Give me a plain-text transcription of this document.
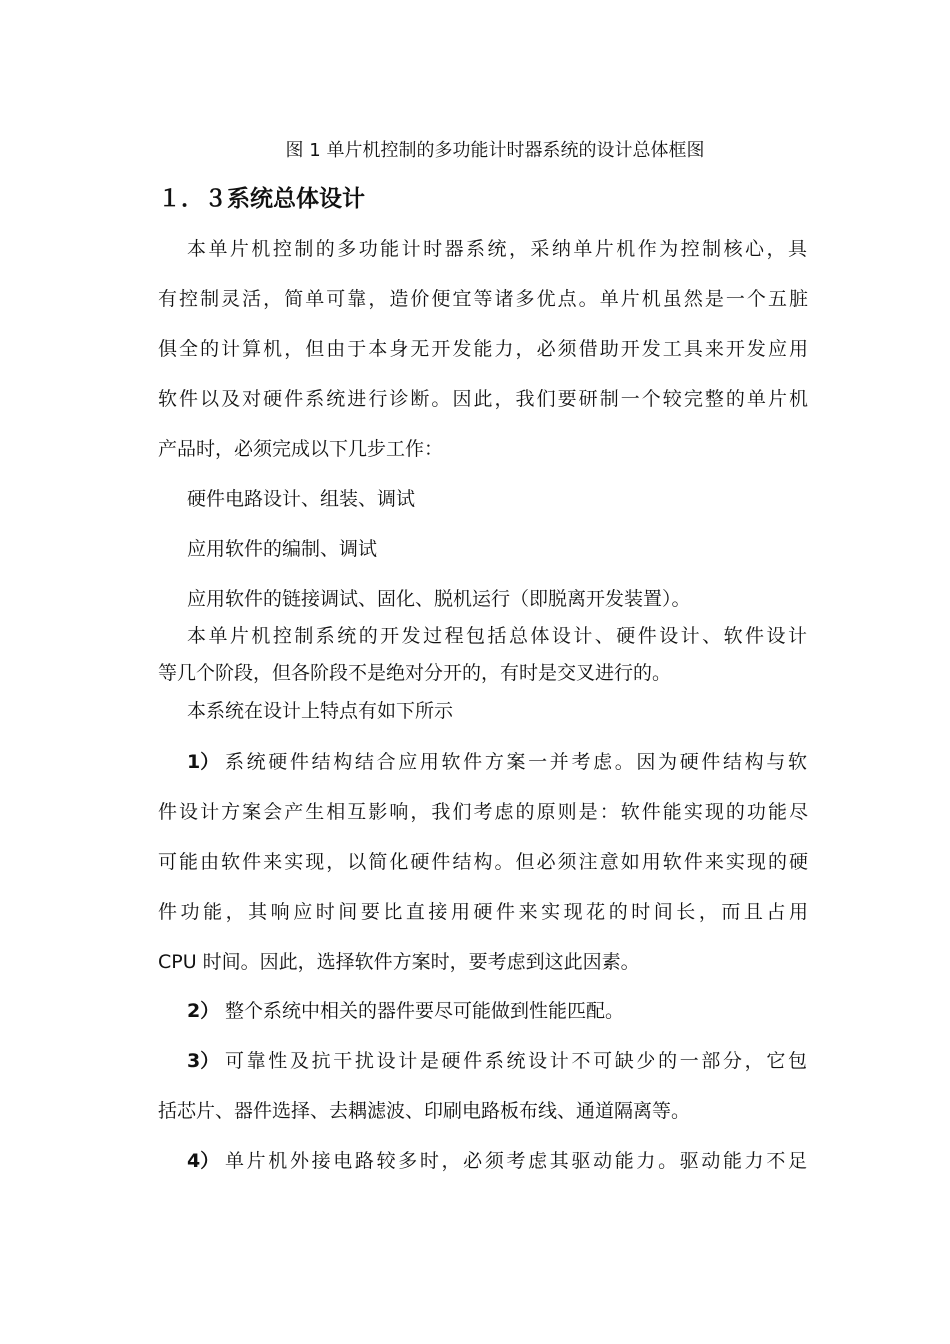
图 1 单片机控制的多功能计时器系统的设计总体框图
１．３系统总体设计
本单片机控制的多功能计时器系统，采纳单片机作为控制核心，具
有控制灵活，简单可靠，造价便宜等诸多优点。单片机虽然是一个五脏
俱全的计算机，但由于本身无开发能力，必须借助开发工具来开发应用
软件以及对硬件系统进行诊断。因此，我们要研制一个较完整的单片机
产品时，必须完成以下几步工作：
硬件电路设计、组装、调试
应用软件的编制、调试
应用软件的链接调试、固化、脱机运行（即脱离开发装置）。
本单片机控制系统的开发过程包括总体设计、硬件设计、软件设计
等几个阶段，但各阶段不是绝对分开的，有时是交叉进行的。
本系统在设计上特点有如下所示
1） 系统硬件结构结合应用软件方案一并考虑。因为硬件结构与软
件设计方案会产生相互影响，我们考虑的原则是：软件能实现的功能尽
可能由软件来实现，以简化硬件结构。但必须注意如用软件来实现的硬
件功能，其响应时间要比直接用硬件来实现花的时间长，而且占用
CPU 时间。因此，选择软件方案时，要考虑到这此因素。
2） 整个系统中相关的器件要尽可能做到性能匹配。
3） 可靠性及抗干扰设计是硬件系统设计不可缺少的一部分，它包
括芯片、器件选择、去耦滤波、印刷电路板布线、通道隔离等。
4） 单片机外接电路较多时，必须考虑其驱动能力。驱动能力不足
